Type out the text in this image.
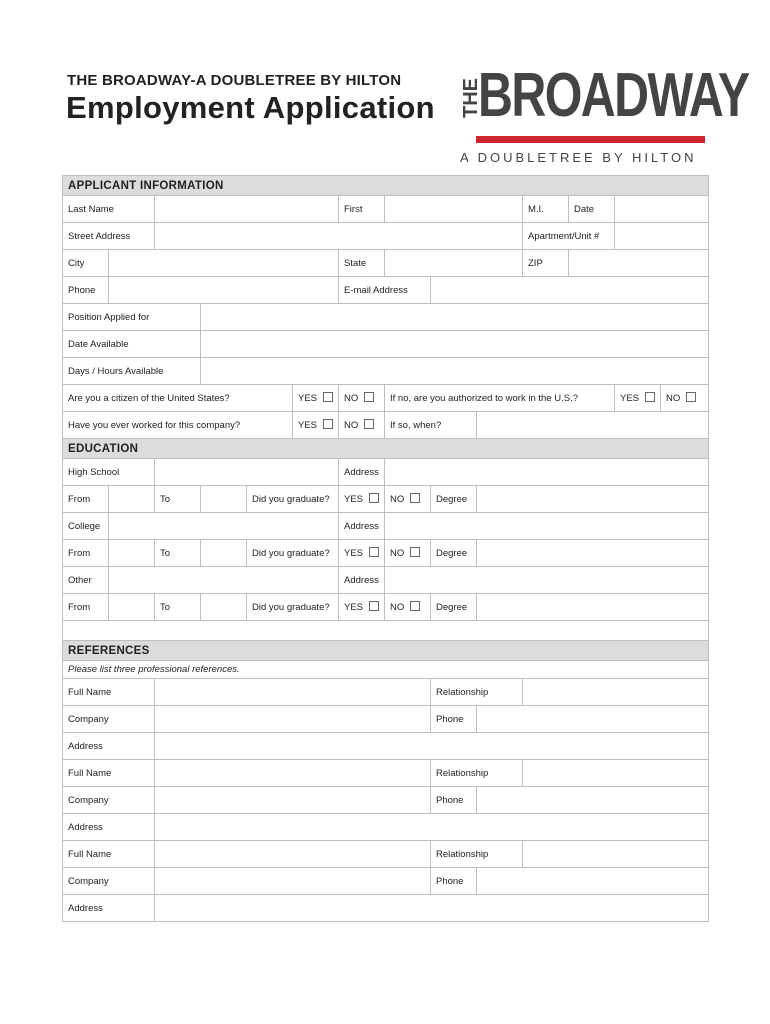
THE BROADWAY-A DOUBLETREE BY HILTON
Employment Application THE
BROADWAY
A DOUBLETREE BY HILTON
APPLICANT INFORMATION													
Last Name						First				M.I.	Date		
Street Address										Apartment/Unit #			
City						State				ZIP			
Phone						E-mail Address							
Position Applied for													
Date Available													
Days / Hours Available													
Are you a citizen of the United States?					YES	NO	If no, are you authorized to work in the U.S.?					YES	NO
Have you ever worked for this company?					YES	NO	If so, when?						
EDUCATION													
High School						Address							
From		To		Did you graduate?		YES	NO	Degree					
College						Address							
From		To		Did you graduate?		YES	NO	Degree					
Other						Address							
From		To		Did you graduate?		YES	NO	Degree					

REFERENCES													
Please list three professional references.													
Full Name								Relationship					
Company								Phone					
Address													
Full Name								Relationship					
Company								Phone					
Address													
Full Name								Relationship					
Company								Phone					
Address													
